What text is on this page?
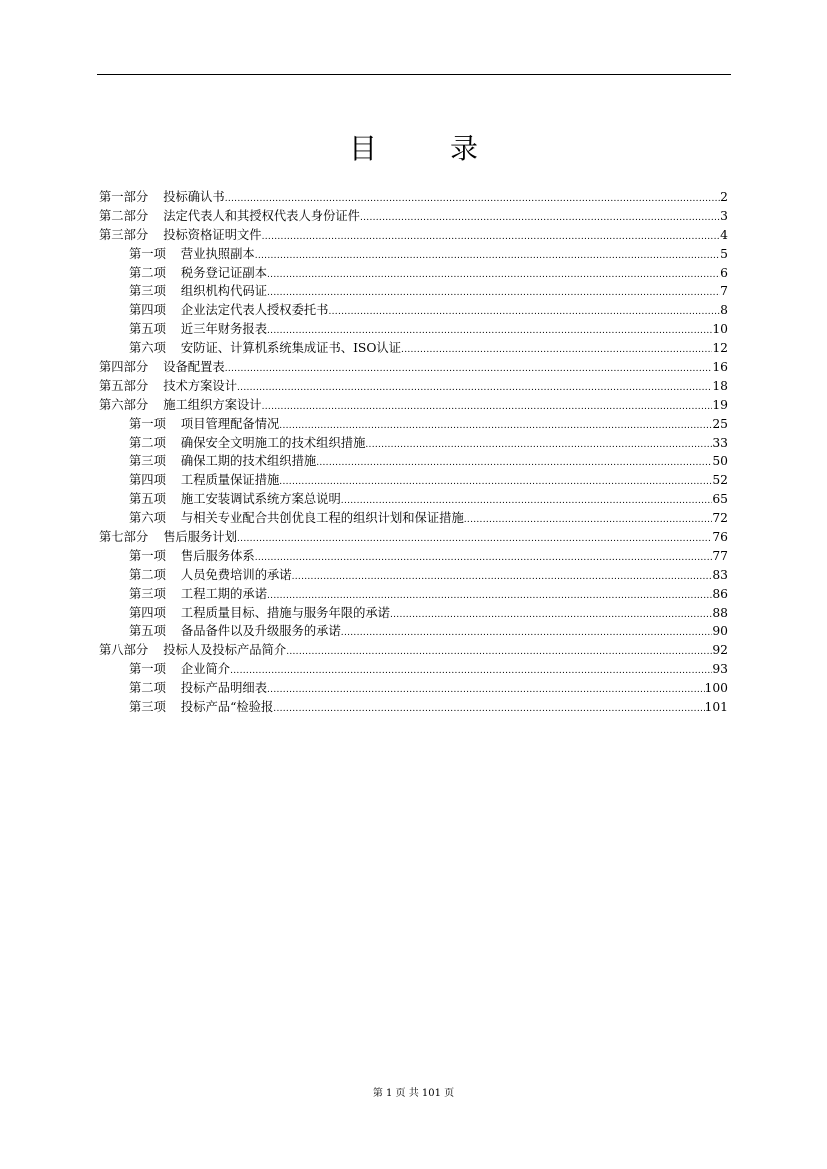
目 录
第一部分 投标确认书 .....	2
第二部分 法定代表人和其授权代表人身份证件 .....	3
第三部分 投标资格证明文件 .....	4
第一项 营业执照副本 .....	5
第二项 税务登记证副本 .....	6
第三项 组织机构代码证 .....	7
第四项 企业法定代表人授权委托书 .....	8
第五项 近三年财务报表 .....	10
第六项 安防证、计算机系统集成证书、ISO认证 .....	12
第四部分 设备配置表 .....	16
第五部分 技术方案设计 .....	18
第六部分 施工组织方案设计 .....	19
第一项 项目管理配备情况 .....	25
第二项 确保安全文明施工的技术组织措施 .....	33
第三项 确保工期的技术组织措施 .....	50
第四项 工程质量保证措施 .....	52
第五项 施工安装调试系统方案总说明 .....	65
第六项 与相关专业配合共创优良工程的组织计划和保证措施 .....	72
第七部分 售后服务计划 .....	76
第一项 售后服务体系 .....	77
第二项 人员免费培训的承诺 .....	83
第三项 工程工期的承诺 .....	86
第四项 工程质量目标、措施与服务年限的承诺 .....	88
第五项 备品备件以及升级服务的承诺 .....	90
第八部分 投标人及投标产品简介 .....	92
第一项 企业简介 .....	93
第二项 投标产品明细表 .....	100
第三项 投标产品“检验报 .....	101
第 1 页 共 101 页
